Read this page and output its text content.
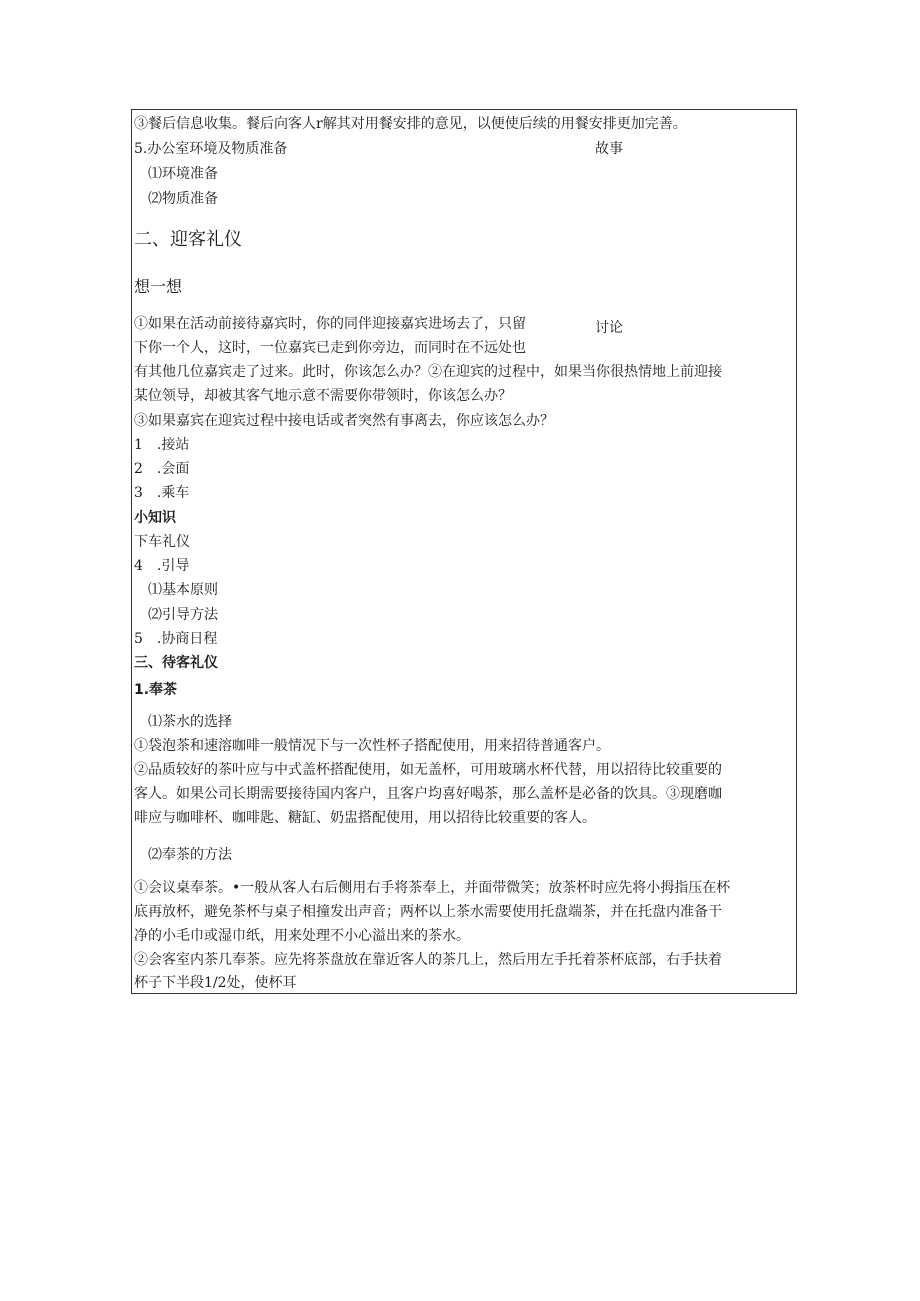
③餐后信息收集。餐后向客人r解其对用餐安排的意见，以便使后续的用餐安排更加完善。
5.办公室环境及物质准备	故事
⑴环境准备
⑵物质准备
二、迎客礼仪
想一想
①如果在活动前接待嘉宾时，你的同伴迎接嘉宾进场去了，只留	讨论
下你一个人，这时，一位嘉宾已走到你旁边，而同时在不远处也
有其他几位嘉宾走了过来。此时，你该怎么办？②在迎宾的过程中，如果当你很热情地上前迎接
某位领导，却被其客气地示意不需要你带领时，你该怎么办？
③如果嘉宾在迎宾过程中接电话或者突然有事离去，你应该怎么办？
1 .接站
2 .会面
3 .乘车
小知识
下车礼仪
4 .引导
⑴基本原则
⑵引导方法
5 .协商日程
三、待客礼仪
1.奉茶
⑴茶水的选择
①袋泡茶和速溶咖啡一般情况下与一次性杯子搭配使用，用来招待普通客户。
②品质较好的茶叶应与中式盖杯搭配使用，如无盖杯，可用玻璃水杯代替，用以招待比较重要的
客人。如果公司长期需要接待国内客户，且客户均喜好喝茶，那么盖杯是必备的饮具。③现磨咖
啡应与咖啡杯、咖啡匙、糖缸、奶盅搭配使用，用以招待比较重要的客人。
⑵奉茶的方法
①会议桌奉茶。•一般从客人右后侧用右手将茶奉上，并面带微笑；放茶杯时应先将小拇指压在杯
底再放杯，避免茶杯与桌子相撞发出声音；两杯以上茶水需要使用托盘端茶，并在托盘内准备干
净的小毛巾或湿巾纸，用来处理不小心溢出来的茶水。
②会客室内茶几奉茶。应先将茶盘放在靠近客人的茶几上，然后用左手托着茶杯底部，右手扶着
杯子下半段1/2处，使杯耳
